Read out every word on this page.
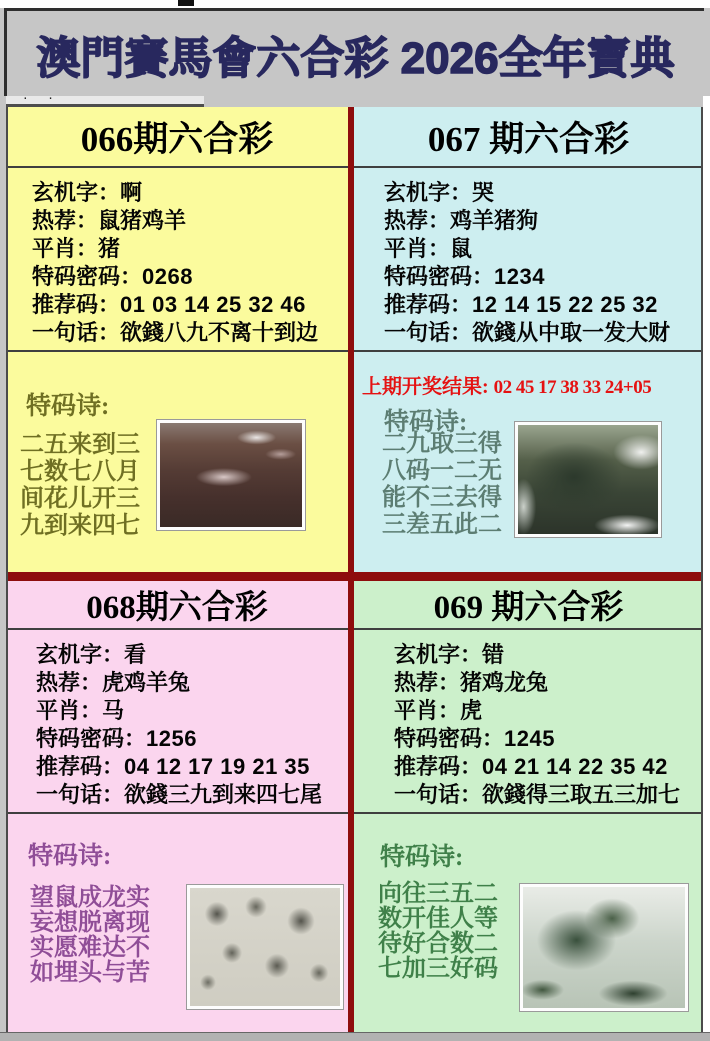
澳門賽馬會六合彩 2026全年寶典
. .
066期六合彩

玄机字：啊

热荐：鼠猪鸡羊

平肖：猪

特码密码：0268

推荐码：01 03 14 25 32 46

一句话：欲錢八九不离十到边

特码诗:

二五来到三

七数七八月

间花儿开三

九到来四七

067 期六合彩

玄机字：哭

热荐：鸡羊猪狗

平肖：鼠

特码密码：1234

推荐码：12 14 15 22 25 32

一句话：欲錢从中取一发大财

上期开奖结果: 02 45 17 38 33 24+05

特码诗:

二九取三得

八码一二无

能不三去得

三差五此二

068期六合彩

玄机字：看

热荐：虎鸡羊兔

平肖：马

特码密码：1256

推荐码：04 12 17 19 21 35

一句话：欲錢三九到来四七尾

特码诗:

望鼠成龙实

妄想脱离现

实愿难达不

如埋头与苦

069 期六合彩

玄机字：错

热荐：猪鸡龙兔

平肖：虎

特码密码：1245

推荐码：04 21 14 22 35 42

一句话：欲錢得三取五三加七

特码诗:

向往三五二

数开佳人等

待好合数二

七加三好码
